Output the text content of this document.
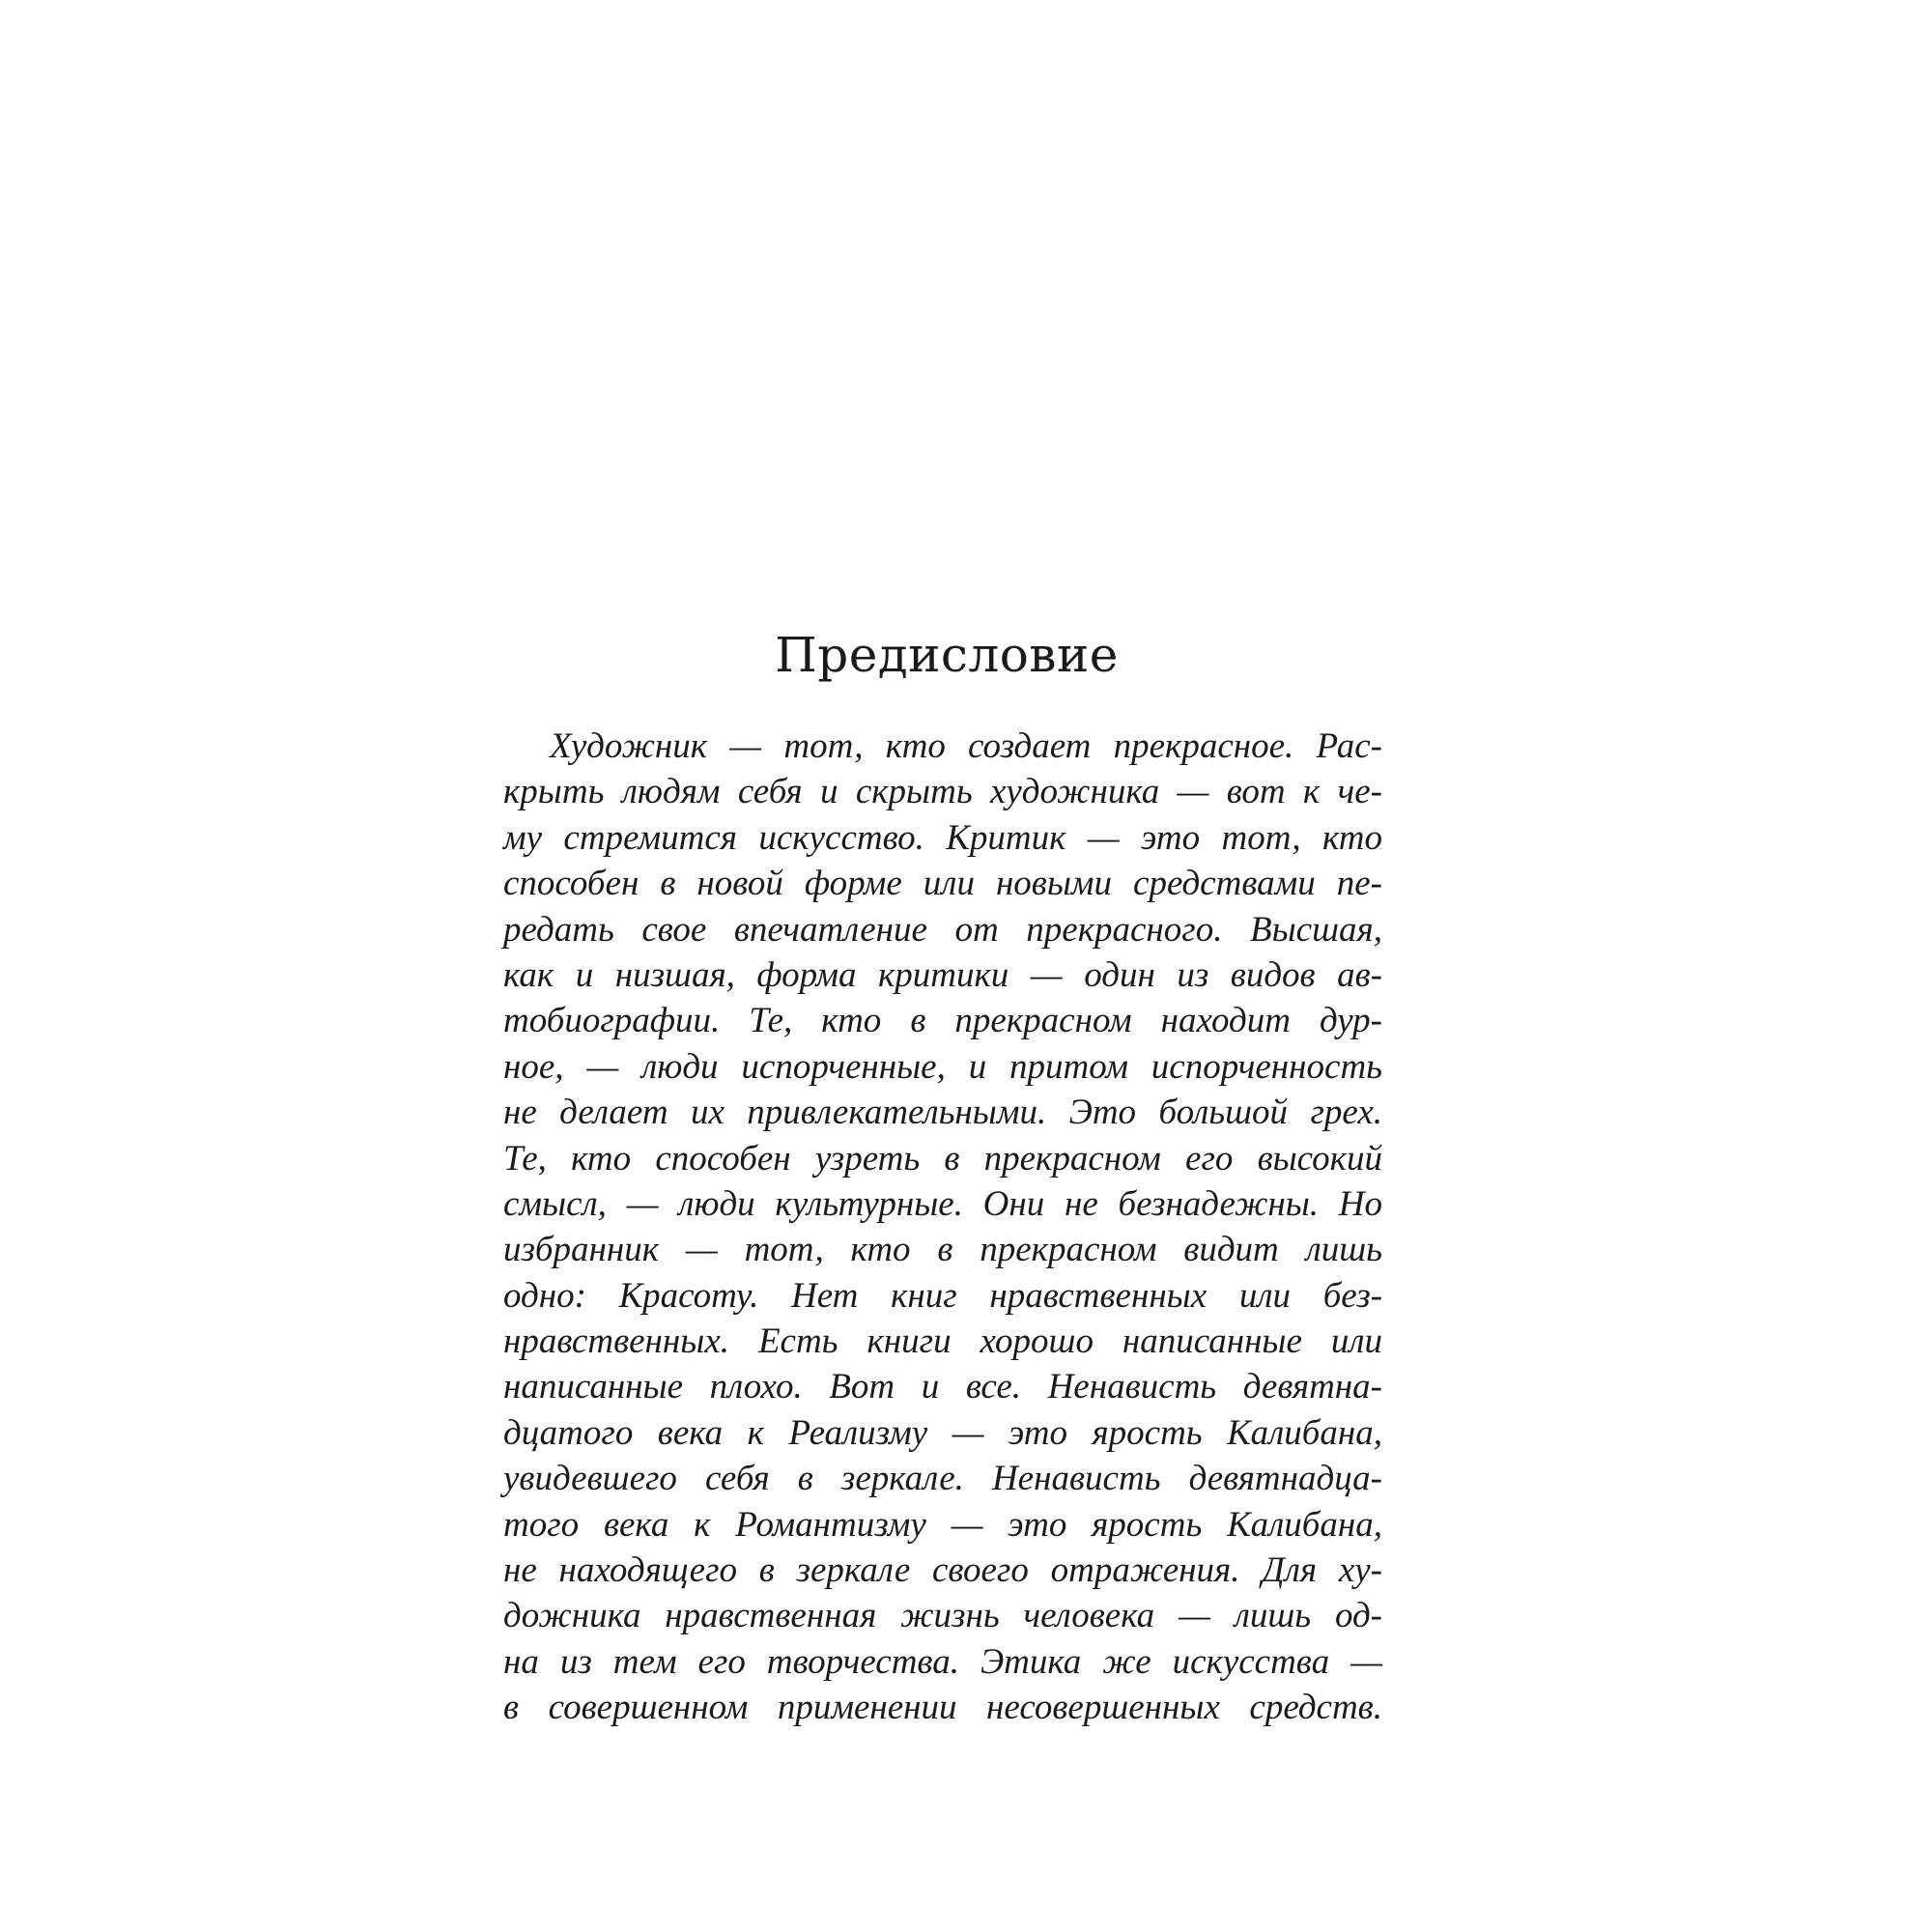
Предисловие
Художник — тот, кто создает прекрасное. Рас-
крыть людям себя и скрыть художника — вот к че-
му стремится искусство. Критик — это тот, кто
способен в новой форме или новыми средствами пе-
редать свое впечатление от прекрасного. Высшая,
как и низшая, форма критики — один из видов ав-
тобиографии. Те, кто в прекрасном находит дур-
ное, — люди испорченные, и притом испорченность
не делает их привлекательными. Это большой грех.
Те, кто способен узреть в прекрасном его высокий
смысл, — люди культурные. Они не безнадежны. Но
избранник — тот, кто в прекрасном видит лишь
одно: Красоту. Нет книг нравственных или без-
нравственных. Есть книги хорошо написанные или
написанные плохо. Вот и все. Ненависть девятна-
дцатого века к Реализму — это ярость Калибана,
увидевшего себя в зеркале. Ненависть девятнадца-
того века к Романтизму — это ярость Калибана,
не находящего в зеркале своего отражения. Для ху-
дожника нравственная жизнь человека — лишь од-
на из тем его творчества. Этика же искусства —
в совершенном применении несовершенных средств.
